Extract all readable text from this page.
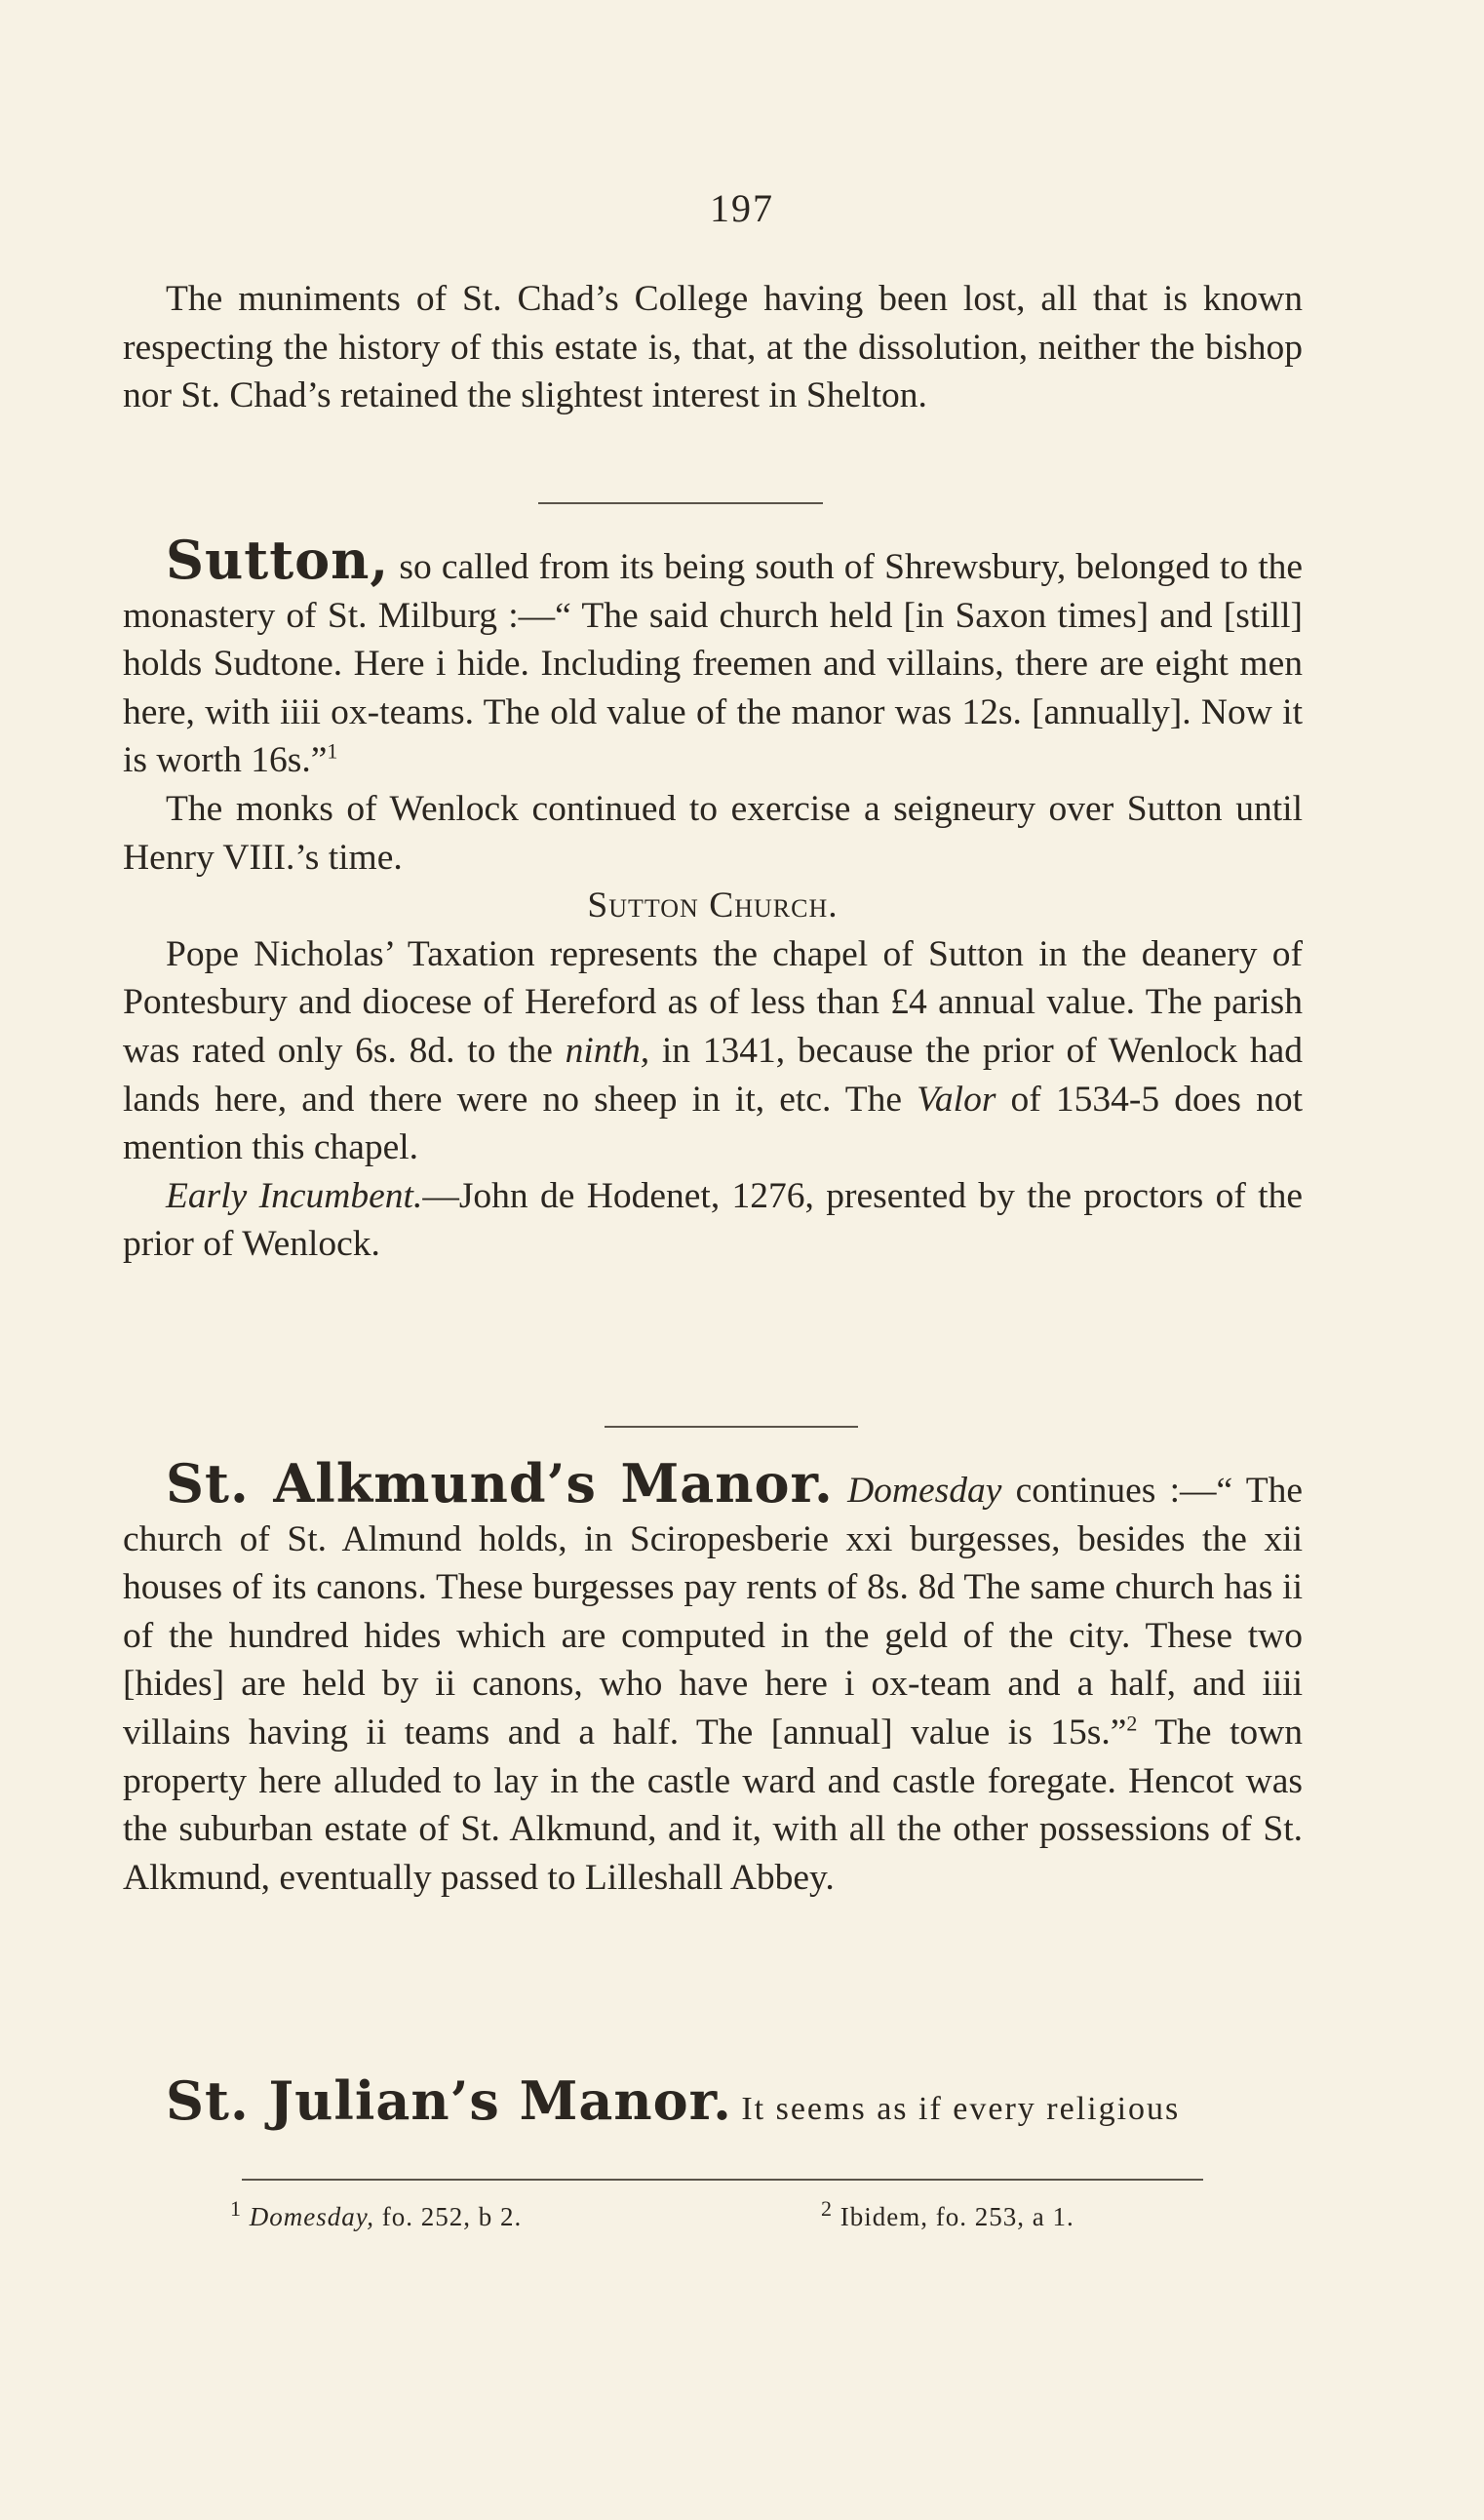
197

The muniments of St. Chad’s College having been lost, all that is known respecting the history of this estate is, that, at the dissolution, neither the bishop nor St. Chad’s retained the slightest interest in Shelton.

Sutton, so called from its being south of Shrewsbury, belonged to the monastery of St. Milburg :—“ The said church held [in Saxon times] and [still] holds Sudtone. Here i hide. Including freemen and villains, there are eight men here, with iiii ox-teams. The old value of the manor was 12s. [annually]. Now it is worth 16s.”$^1$

The monks of Wenlock continued to exercise a seigneury over Sutton until Henry VIII.’s time.

Sutton Church.

Pope Nicholas’ Taxation represents the chapel of Sutton in the deanery of Pontesbury and diocese of Hereford as of less than £4 annual value. The parish was rated only 6s. 8d. to the ninth, in 1341, because the prior of Wenlock had lands here, and there were no sheep in it, etc. The Valor of 1534-5 does not mention this chapel.

Early Incumbent.—John de Hodenet, 1276, presented by the proctors of the prior of Wenlock.

St. Alkmund’s Manor. Domesday continues :—“ The church of St. Almund holds, in Sciropesberie xxi burgesses, besides the xii houses of its canons. These burgesses pay rents of 8s. 8d The same church has ii of the hundred hides which are computed in the geld of the city. These two [hides] are held by ii canons, who have here i ox-team and a half, and iiii villains having ii teams and a half. The [annual] value is 15s.”$^2$ The town property here alluded to lay in the castle ward and castle foregate. Hencot was the suburban estate of St. Alkmund, and it, with all the other possessions of St. Alkmund, eventually passed to Lilleshall Abbey.

St. Julian’s Manor. It seems as if every religious

$^1$ Domesday, fo. 252, b 2.	$^2$ Ibidem, fo. 253, a 1.
